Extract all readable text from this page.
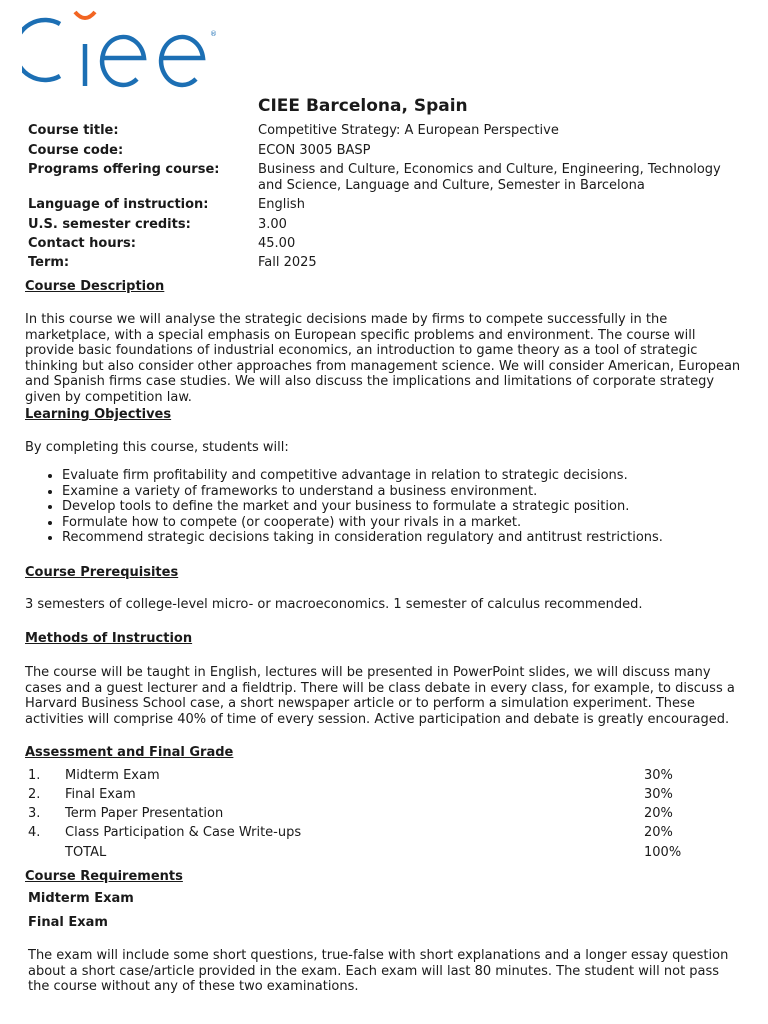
®
CIEE Barcelona, Spain
Course title:	Competitive Strategy: A European Perspective
Course code:	ECON 3005 BASP
Programs offering course:	Business and Culture, Economics and Culture, Engineering, Technology and Science, Language and Culture, Semester in Barcelona
Language of instruction:	English
U.S. semester credits:	3.00
Contact hours:	45.00
Term:	Fall 2025
Course Description

In this course we will analyse the strategic decisions made by firms to compete successfully in the marketplace, with a special emphasis on European specific problems and environment. The course will provide basic foundations of industrial economics, an introduction to game theory as a tool of strategic thinking but also consider other approaches from management science. We will consider American, European and Spanish firms case studies. We will also discuss the implications and limitations of corporate strategy given by competition law.

Learning Objectives

By completing this course, students will:

• Evaluate firm profitability and competitive advantage in relation to strategic decisions.
• Examine a variety of frameworks to understand a business environment.
• Develop tools to define the market and your business to formulate a strategic position.
• Formulate how to compete (or cooperate) with your rivals in a market.
• Recommend strategic decisions taking in consideration regulatory and antitrust restrictions.
Course Prerequisites

3 semesters of college-level micro- or macroeconomics. 1 semester of calculus recommended.

Methods of Instruction

The course will be taught in English, lectures will be presented in PowerPoint slides, we will discuss many cases and a guest lecturer and a fieldtrip. There will be class debate in every class, for example, to discuss a Harvard Business School case, a short newspaper article or to perform a simulation experiment. These activities will comprise 40% of time of every session. Active participation and debate is greatly encouraged.

Assessment and Final Grade
1. Midterm Exam	30%
2. Final Exam	30%
3. Term Paper Presentation	20%
4. Class Participation & Case Write-ups	20%
TOTAL	100%
Course Requirements
Midterm Exam
Final Exam

The exam will include some short questions, true-false with short explanations and a longer essay question about a short case/article provided in the exam. Each exam will last 80 minutes. The student will not pass the course without any of these two examinations.
